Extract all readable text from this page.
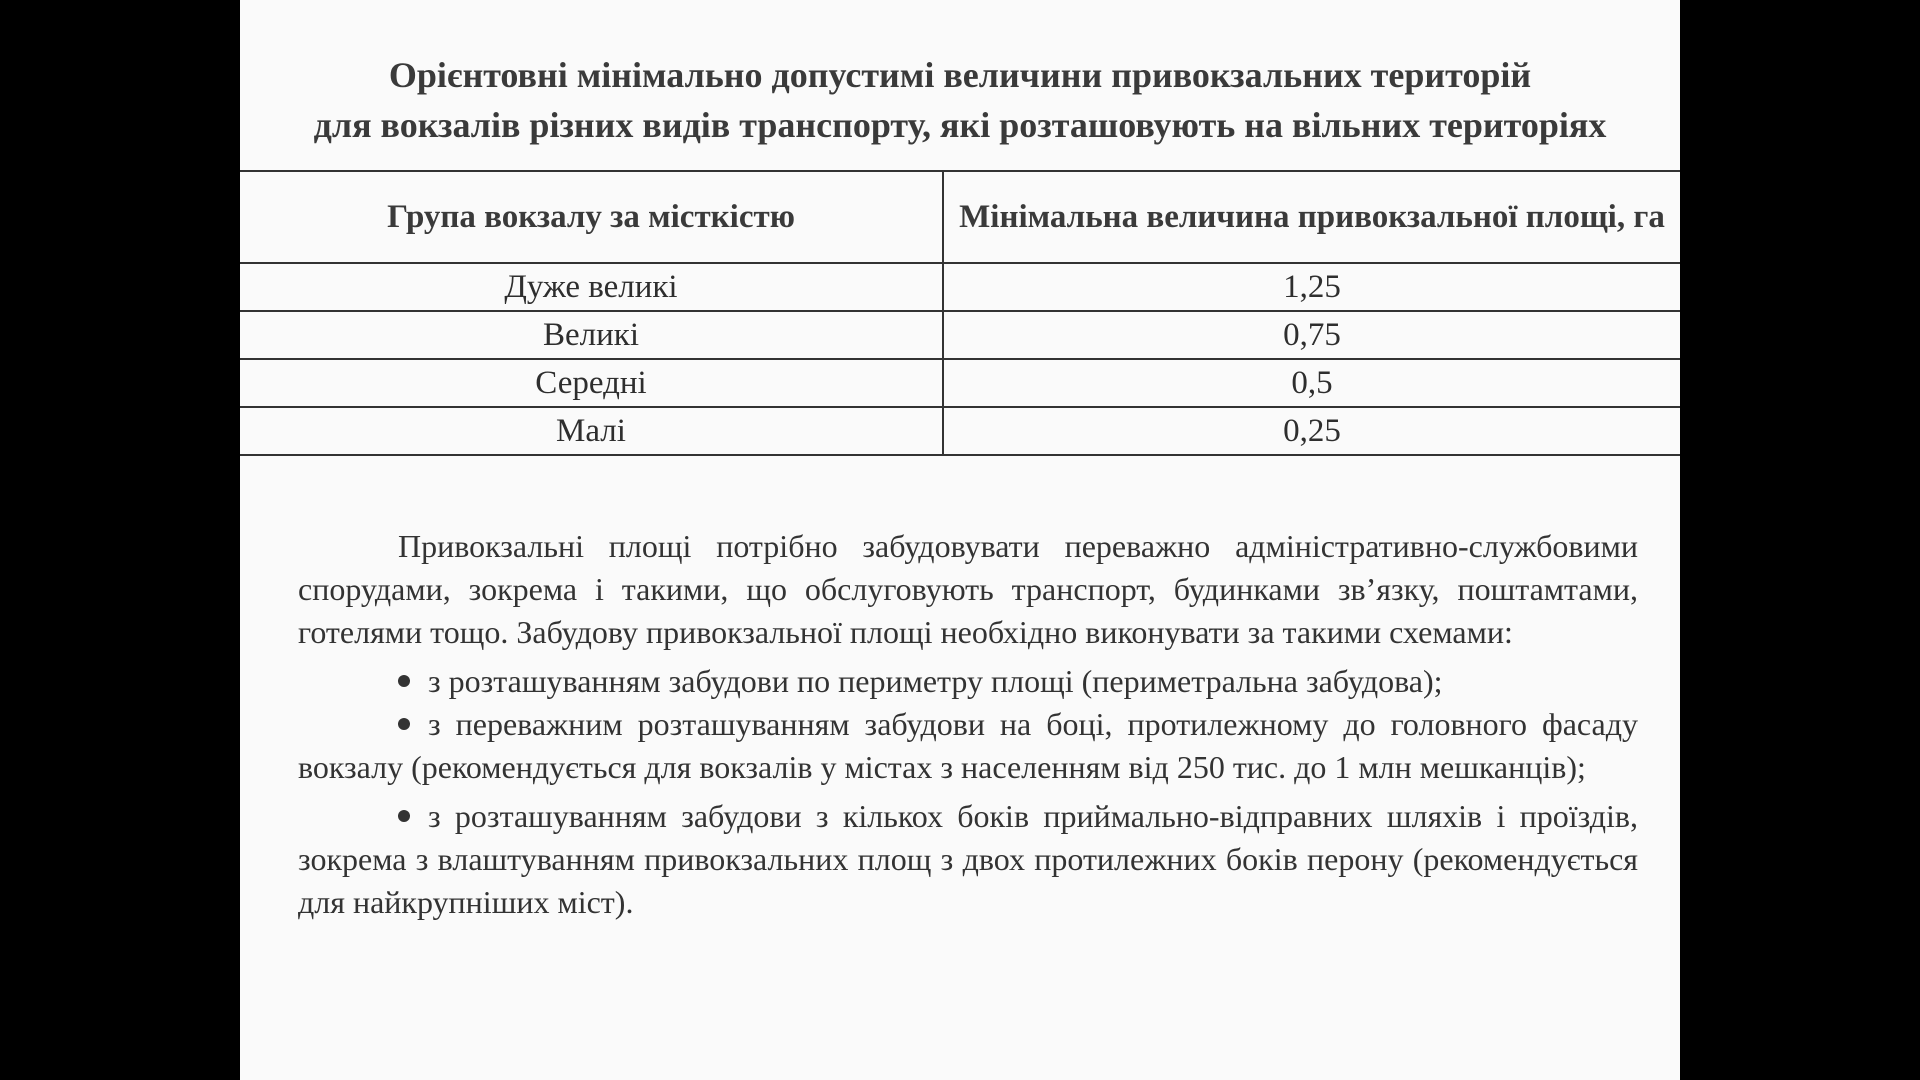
Орієнтовні мінімально допустимі величини привокзальних територій
для вокзалів різних видів транспорту, які розташовують на вільних територіях
Група вокзалу за місткістю	Мінімальна величина привокзальної площі, га
Дуже великі	1,25
Великі	0,75
Середні	0,5
Малі	0,25

Привокзальні площі потрібно забудовувати переважно адміністративно-службовими спорудами, зокрема і такими, що обслуговують транспорт, будинками зв’язку, поштамтами, готелями тощо. Забудову привокзальної площі необхідно виконувати за такими схемами:

з розташуванням забудови по периметру площі (периметральна забудова);

з переважним розташуванням забудови на боці, протилежному до головного фасаду вокзалу (рекомендується для вокзалів у містах з населенням від 250 тис. до 1 млн мешканців);

з розташуванням забудови з кількох боків приймально-відправних шляхів і проїздів, зокрема з влаштуванням привокзальних площ з двох протилежних боків перону (рекомендується для найкрупніших міст).
